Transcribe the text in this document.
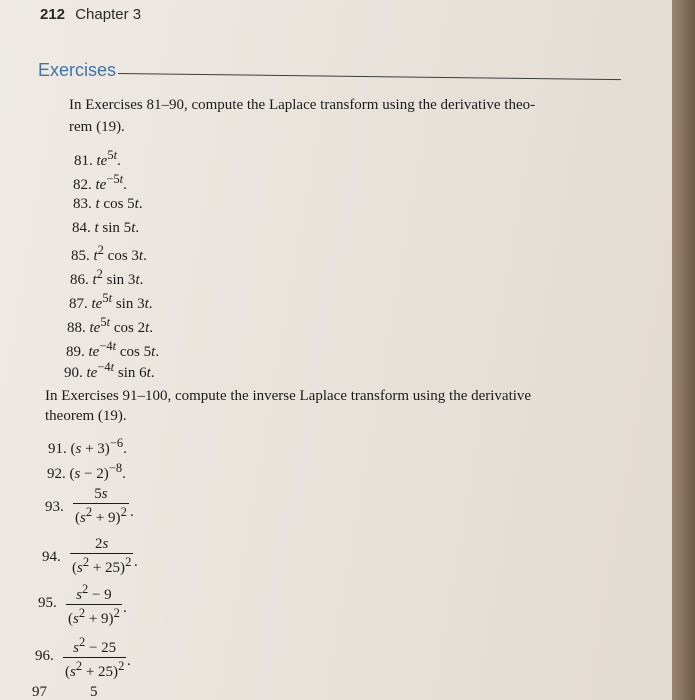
212 Chapter 3
Exercises
In Exercises 81–90, compute the Laplace transform using the derivative theo-
rem (19).
81. $te^{5t}$.
82. $te^{-5t}$.
83. t cos 5t.
84. t sin 5t.
85. $t^2$ cos 3t.
86. $t^2$ sin 3t.
87. $te^{5t}$ sin 3t.
88. $te^{5t}$ cos 2t.
89. $te^{-4t}$ cos 5t.
90. $te^{-4t}$ sin 6t.
In Exercises 91–100, compute the inverse Laplace transform using the derivative
theorem (19).
91. $(s + 3)^{-6}$.
92. $(s - 2)^{-8}$.
93. $\frac{5s}{(s^2 + 9)^2}$ .
94. $\frac{2s}{(s^2 + 25)^2}$ .
95. $\frac{s^2 - 9}{(s^2 + 9)^2}$ .
96. $\frac{s^2 - 25}{(s^2 + 25)^2}$ .
97	5
